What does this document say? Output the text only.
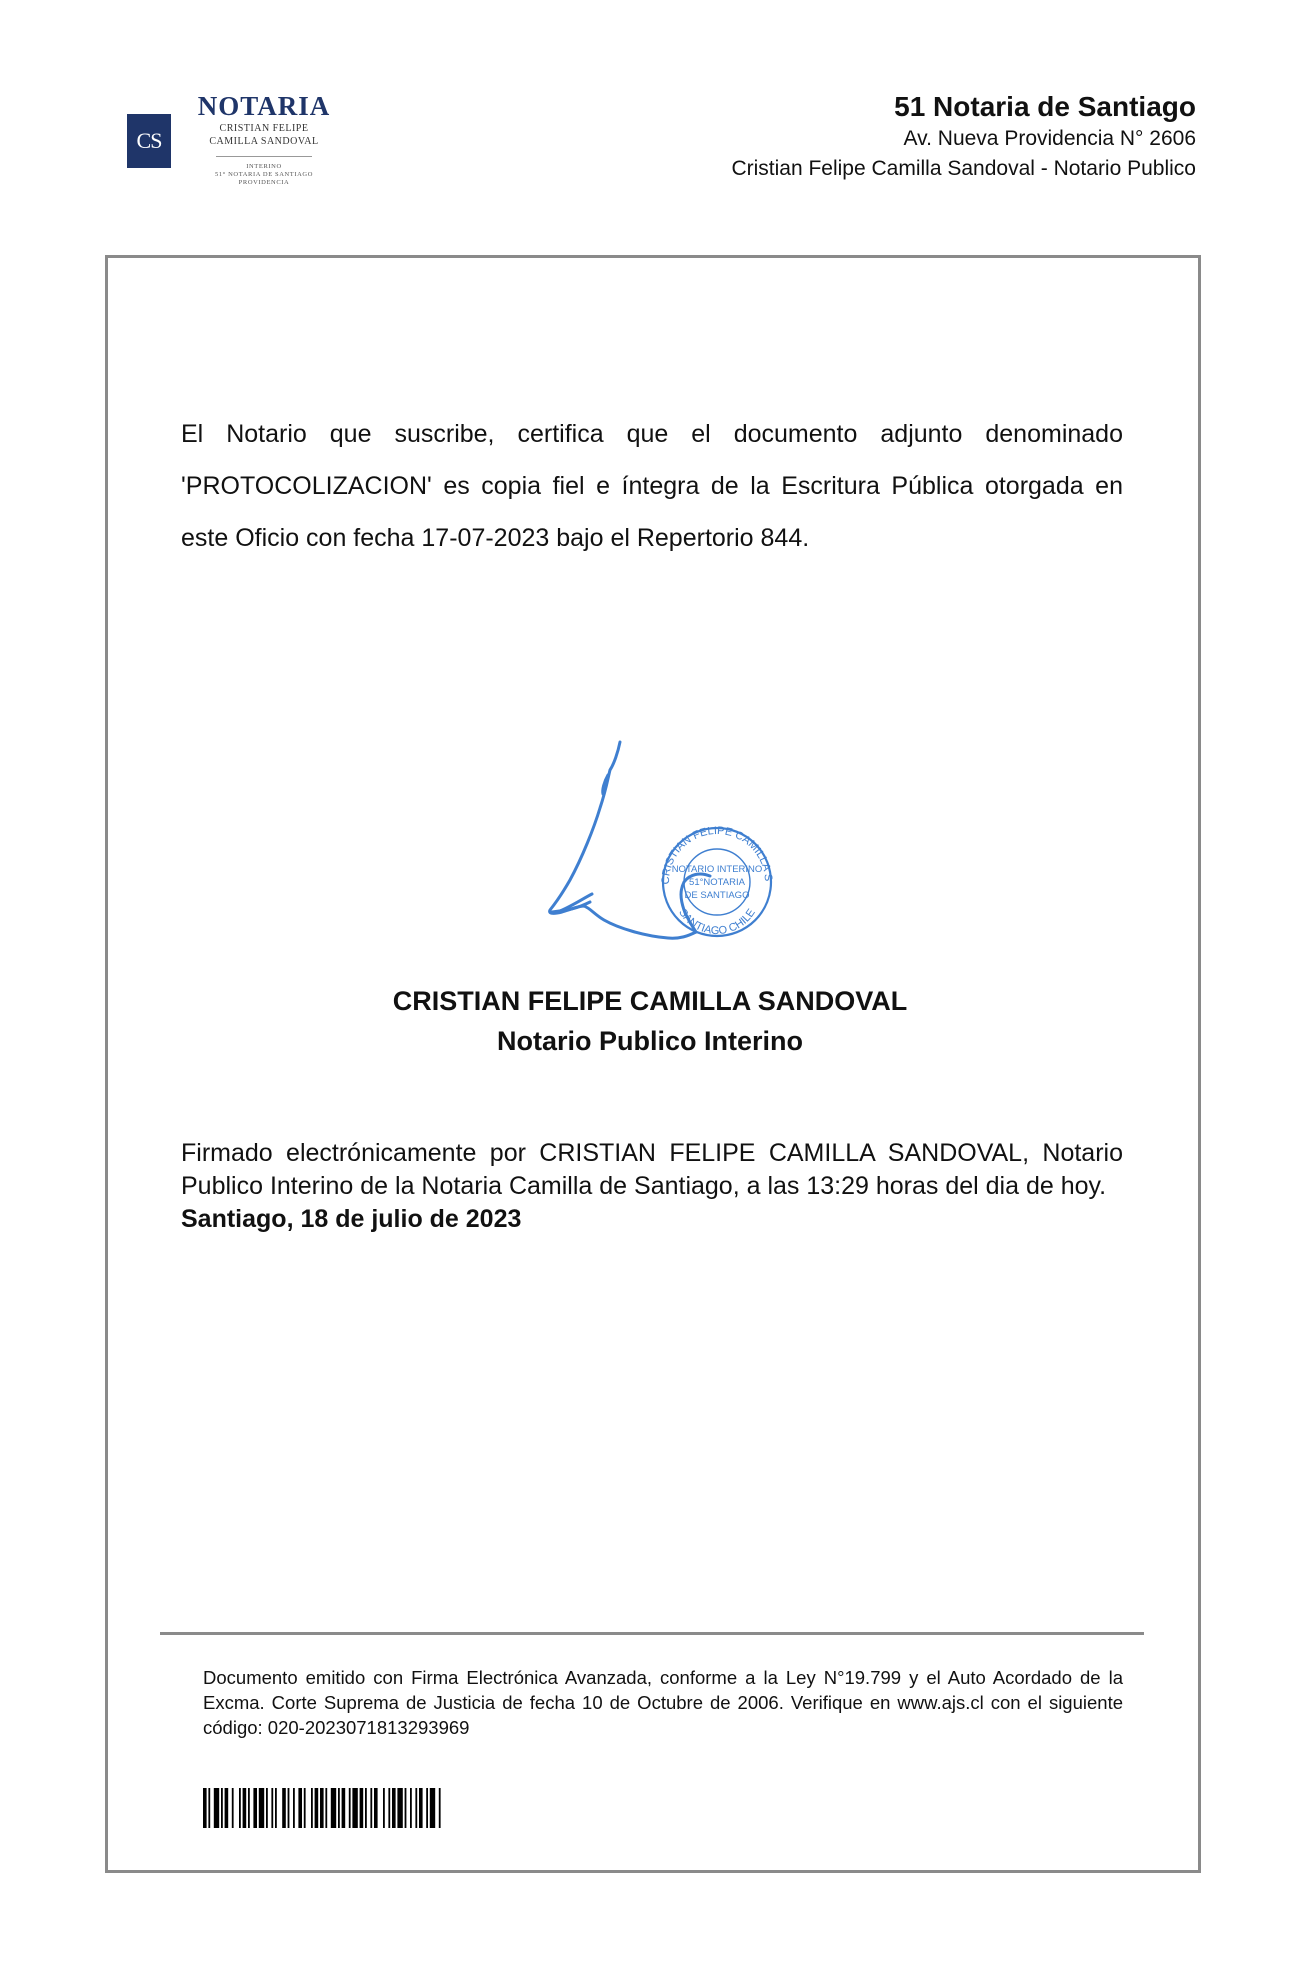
CS
NOTARIA
CRISTIAN FELIPE
CAMILLA SANDOVAL
INTERINO
51° NOTARIA DE SANTIAGO
PROVIDENCIA
51 Notaria de Santiago
Av. Nueva Providencia N° 2606
Cristian Felipe Camilla Sandoval - Notario Publico
El Notario que suscribe, certifica que el documento adjunto denominado 'PROTOCOLIZACION' es copia fiel e íntegra de la Escritura Pública otorgada en este Oficio con fecha 17-07-2023 bajo el Repertorio 844.
CRISTIAN FELIPE CAMILLA S
SANTIAGO CHILE
NOTARIO INTERINO
51°NOTARIA
DE SANTIAGO
CRISTIAN FELIPE CAMILLA SANDOVAL
Notario Publico Interino
Firmado electrónicamente por CRISTIAN FELIPE CAMILLA SANDOVAL, Notario Publico Interino de la Notaria Camilla de Santiago, a las 13:29 horas del dia de hoy.
Santiago, 18 de julio de 2023
Documento emitido con Firma Electrónica Avanzada, conforme a la Ley N°19.799 y el Auto Acordado de la Excma. Corte Suprema de Justicia de fecha 10 de Octubre de 2006. Verifique en www.ajs.cl con el siguiente código: 020-2023071813293969
